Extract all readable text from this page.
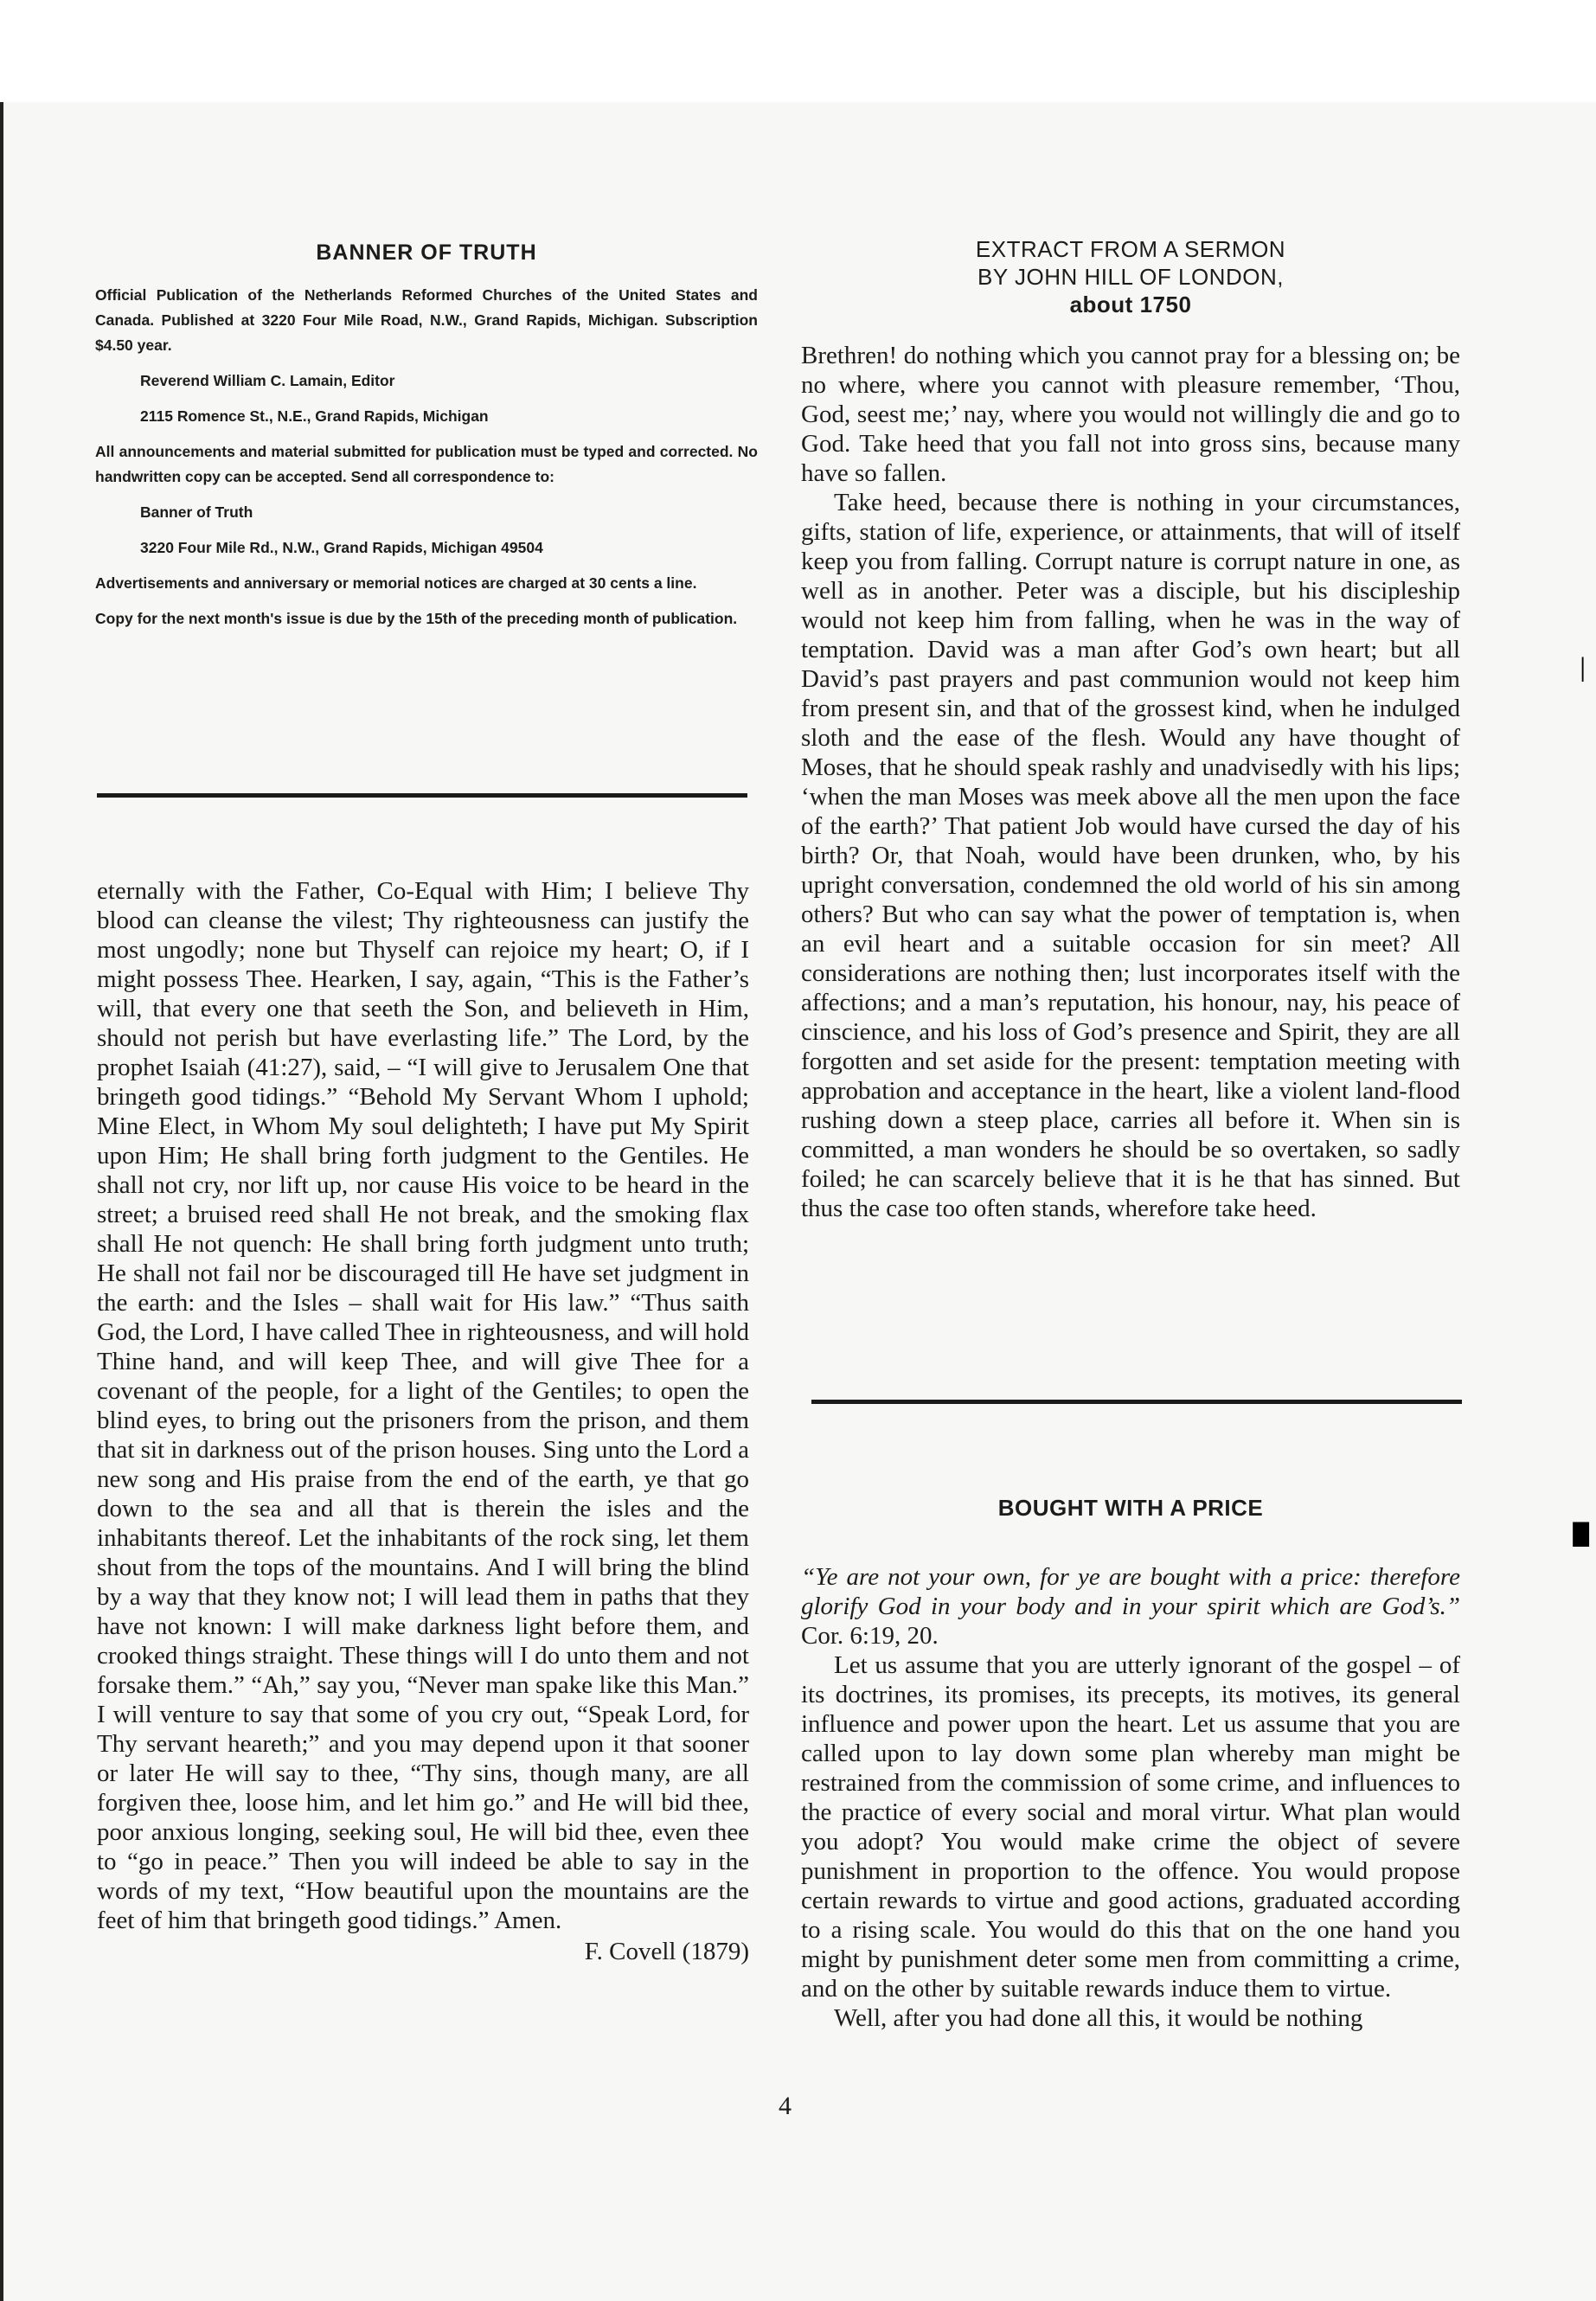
BANNER OF TRUTH

Official Publication of the Netherlands Reformed Churches of the United States and Canada. Published at 3220 Four Mile Road, N.W., Grand Rapids, Michigan. Subscription $4.50 year.

Reverend William C. Lamain, Editor

2115 Romence St., N.E., Grand Rapids, Michigan

All announcements and material submitted for publication must be typed and corrected. No handwritten copy can be accepted. Send all correspondence to:

Banner of Truth

3220 Four Mile Rd., N.W., Grand Rapids, Michigan 49504

Advertisements and anniversary or memorial notices are charged at 30 cents a line.

Copy for the next month's issue is due by the 15th of the preceding month of publication.

eternally with the Father, Co-Equal with Him; I believe Thy blood can cleanse the vilest; Thy righteousness can justify the most ungodly; none but Thyself can rejoice my heart; O, if I might possess Thee. Hearken, I say, again, “This is the Father’s will, that every one that seeth the Son, and believeth in Him, should not perish but have everlasting life.” The Lord, by the prophet Isaiah (41:27), said, – “I will give to Jerusalem One that bringeth good tidings.” “Behold My Servant Whom I uphold; Mine Elect, in Whom My soul delighteth; I have put My Spirit upon Him; He shall bring forth judgment to the Gentiles. He shall not cry, nor lift up, nor cause His voice to be heard in the street; a bruised reed shall He not break, and the smoking flax shall He not quench: He shall bring forth judgment unto truth; He shall not fail nor be discouraged till He have set judgment in the earth: and the Isles – shall wait for His law.” “Thus saith God, the Lord, I have called Thee in righteousness, and will hold Thine hand, and will keep Thee, and will give Thee for a covenant of the people, for a light of the Gentiles; to open the blind eyes, to bring out the prisoners from the prison, and them that sit in darkness out of the prison houses. Sing unto the Lord a new song and His praise from the end of the earth, ye that go down to the sea and all that is therein the isles and the inhabitants thereof. Let the inhabitants of the rock sing, let them shout from the tops of the mountains. And I will bring the blind by a way that they know not; I will lead them in paths that they have not known: I will make darkness light before them, and crooked things straight. These things will I do unto them and not forsake them.” “Ah,” say you, “Never man spake like this Man.” I will venture to say that some of you cry out, “Speak Lord, for Thy servant heareth;” and you may depend upon it that sooner or later He will say to thee, “Thy sins, though many, are all forgiven thee, loose him, and let him go.” and He will bid thee, poor anxious longing, seeking soul, He will bid thee, even thee to “go in peace.” Then you will indeed be able to say in the words of my text, “How beautiful upon the mountains are the feet of him that bringeth good tidings.” Amen.

F. Covell (1879)
EXTRACT FROM A SERMON
BY JOHN HILL OF LONDON,
about 1750

Brethren! do nothing which you cannot pray for a blessing on; be no where, where you cannot with pleasure remember, ‘Thou, God, seest me;’ nay, where you would not willingly die and go to God. Take heed that you fall not into gross sins, because many have so fallen.

Take heed, because there is nothing in your circumstances, gifts, station of life, experience, or attainments, that will of itself keep you from falling. Corrupt nature is corrupt nature in one, as well as in another. Peter was a disciple, but his discipleship would not keep him from falling, when he was in the way of temptation. David was a man after God’s own heart; but all David’s past prayers and past communion would not keep him from present sin, and that of the grossest kind, when he indulged sloth and the ease of the flesh. Would any have thought of Moses, that he should speak rashly and unadvisedly with his lips; ‘when the man Moses was meek above all the men upon the face of the earth?’ That patient Job would have cursed the day of his birth? Or, that Noah, would have been drunken, who, by his upright conversation, condemned the old world of his sin among others? But who can say what the power of temptation is, when an evil heart and a suitable occasion for sin meet? All considerations are nothing then; lust incorporates itself with the affections; and a man’s reputation, his honour, nay, his peace of cinscience, and his loss of God’s presence and Spirit, they are all forgotten and set aside for the present: temptation meeting with approbation and acceptance in the heart, like a violent land-flood rushing down a steep place, carries all before it. When sin is committed, a man wonders he should be so overtaken, so sadly foiled; he can scarcely believe that it is he that has sinned. But thus the case too often stands, wherefore take heed.

BOUGHT WITH A PRICE

“Ye are not your own, for ye are bought with a price: therefore glorify God in your body and in your spirit which are God’s.” Cor. 6:19, 20.

Let us assume that you are utterly ignorant of the gospel – of its doctrines, its promises, its precepts, its motives, its general influence and power upon the heart. Let us assume that you are called upon to lay down some plan whereby man might be restrained from the commission of some crime, and influences to the practice of every social and moral virtur. What plan would you adopt? You would make crime the object of severe punishment in proportion to the offence. You would propose certain rewards to virtue and good actions, graduated according to a rising scale. You would do this that on the one hand you might by punishment deter some men from committing a crime, and on the other by suitable rewards induce them to virtue.

Well, after you had done all this, it would be nothing

4
│
█
